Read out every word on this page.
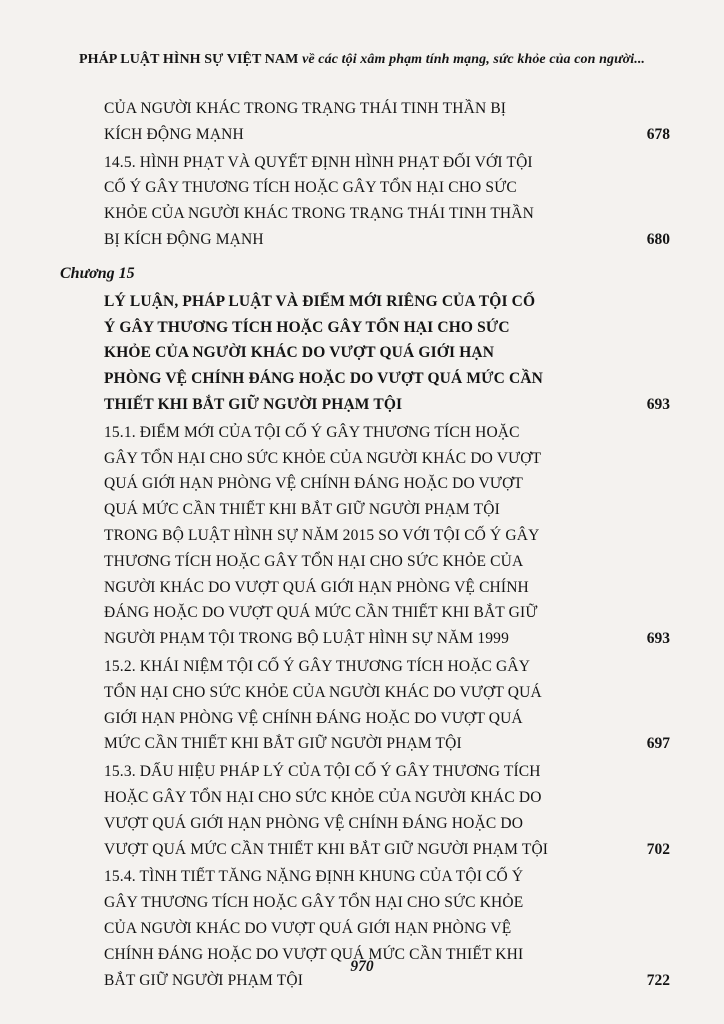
PHÁP LUẬT HÌNH SỰ VIỆT NAM về các tội xâm phạm tính mạng, sức khỏe của con người...
CỦA NGƯỜI KHÁC TRONG TRẠNG THÁI TINH THẦN BỊ
KÍCH ĐỘNG MẠNH	678
14.5. HÌNH PHẠT VÀ QUYẾT ĐỊNH HÌNH PHẠT ĐỐI VỚI TỘI
CỐ Ý GÂY THƯƠNG TÍCH HOẶC GÂY TỔN HẠI CHO SỨC
KHỎE CỦA NGƯỜI KHÁC TRONG TRẠNG THÁI TINH THẦN
BỊ KÍCH ĐỘNG MẠNH	680
Chương 15
LÝ LUẬN, PHÁP LUẬT VÀ ĐIỂM MỚI RIÊNG CỦA TỘI CỐ
Ý GÂY THƯƠNG TÍCH HOẶC GÂY TỔN HẠI CHO SỨC
KHỎE CỦA NGƯỜI KHÁC DO VƯỢT QUÁ GIỚI HẠN
PHÒNG VỆ CHÍNH ĐÁNG HOẶC DO VƯỢT QUÁ MỨC CẦN
THIẾT KHI BẮT GIỮ NGƯỜI PHẠM TỘI	693
15.1. ĐIỂM MỚI CỦA TỘI CỐ Ý GÂY THƯƠNG TÍCH HOẶC
GÂY TỔN HẠI CHO SỨC KHỎE CỦA NGƯỜI KHÁC DO VƯỢT
QUÁ GIỚI HẠN PHÒNG VỆ CHÍNH ĐÁNG HOẶC DO VƯỢT
QUÁ MỨC CẦN THIẾT KHI BẮT GIỮ NGƯỜI PHẠM TỘI
TRONG BỘ LUẬT HÌNH SỰ NĂM 2015 SO VỚI TỘI CỐ Ý GÂY
THƯƠNG TÍCH HOẶC GÂY TỔN HẠI CHO SỨC KHỎE CỦA
NGƯỜI KHÁC DO VƯỢT QUÁ GIỚI HẠN PHÒNG VỆ CHÍNH
ĐÁNG HOẶC DO VƯỢT QUÁ MỨC CẦN THIẾT KHI BẮT GIỮ
NGƯỜI PHẠM TỘI TRONG BỘ LUẬT HÌNH SỰ NĂM 1999	693
15.2. KHÁI NIỆM TỘI CỐ Ý GÂY THƯƠNG TÍCH HOẶC GÂY
TỔN HẠI CHO SỨC KHỎE CỦA NGƯỜI KHÁC DO VƯỢT QUÁ
GIỚI HẠN PHÒNG VỆ CHÍNH ĐÁNG HOẶC DO VƯỢT QUÁ
MỨC CẦN THIẾT KHI BẮT GIỮ NGƯỜI PHẠM TỘI	697
15.3. DẤU HIỆU PHÁP LÝ CỦA TỘI CỐ Ý GÂY THƯƠNG TÍCH
HOẶC GÂY TỔN HẠI CHO SỨC KHỎE CỦA NGƯỜI KHÁC DO
VƯỢT QUÁ GIỚI HẠN PHÒNG VỆ CHÍNH ĐÁNG HOẶC DO
VƯỢT QUÁ MỨC CẦN THIẾT KHI BẮT GIỮ NGƯỜI PHẠM TỘI	702
15.4. TÌNH TIẾT TĂNG NẶNG ĐỊNH KHUNG CỦA TỘI CỐ Ý
GÂY THƯƠNG TÍCH HOẶC GÂY TỔN HẠI CHO SỨC KHỎE
CỦA NGƯỜI KHÁC DO VƯỢT QUÁ GIỚI HẠN PHÒNG VỆ
CHÍNH ĐÁNG HOẶC DO VƯỢT QUÁ MỨC CẦN THIẾT KHI
BẮT GIỮ NGƯỜI PHẠM TỘI	722
970
